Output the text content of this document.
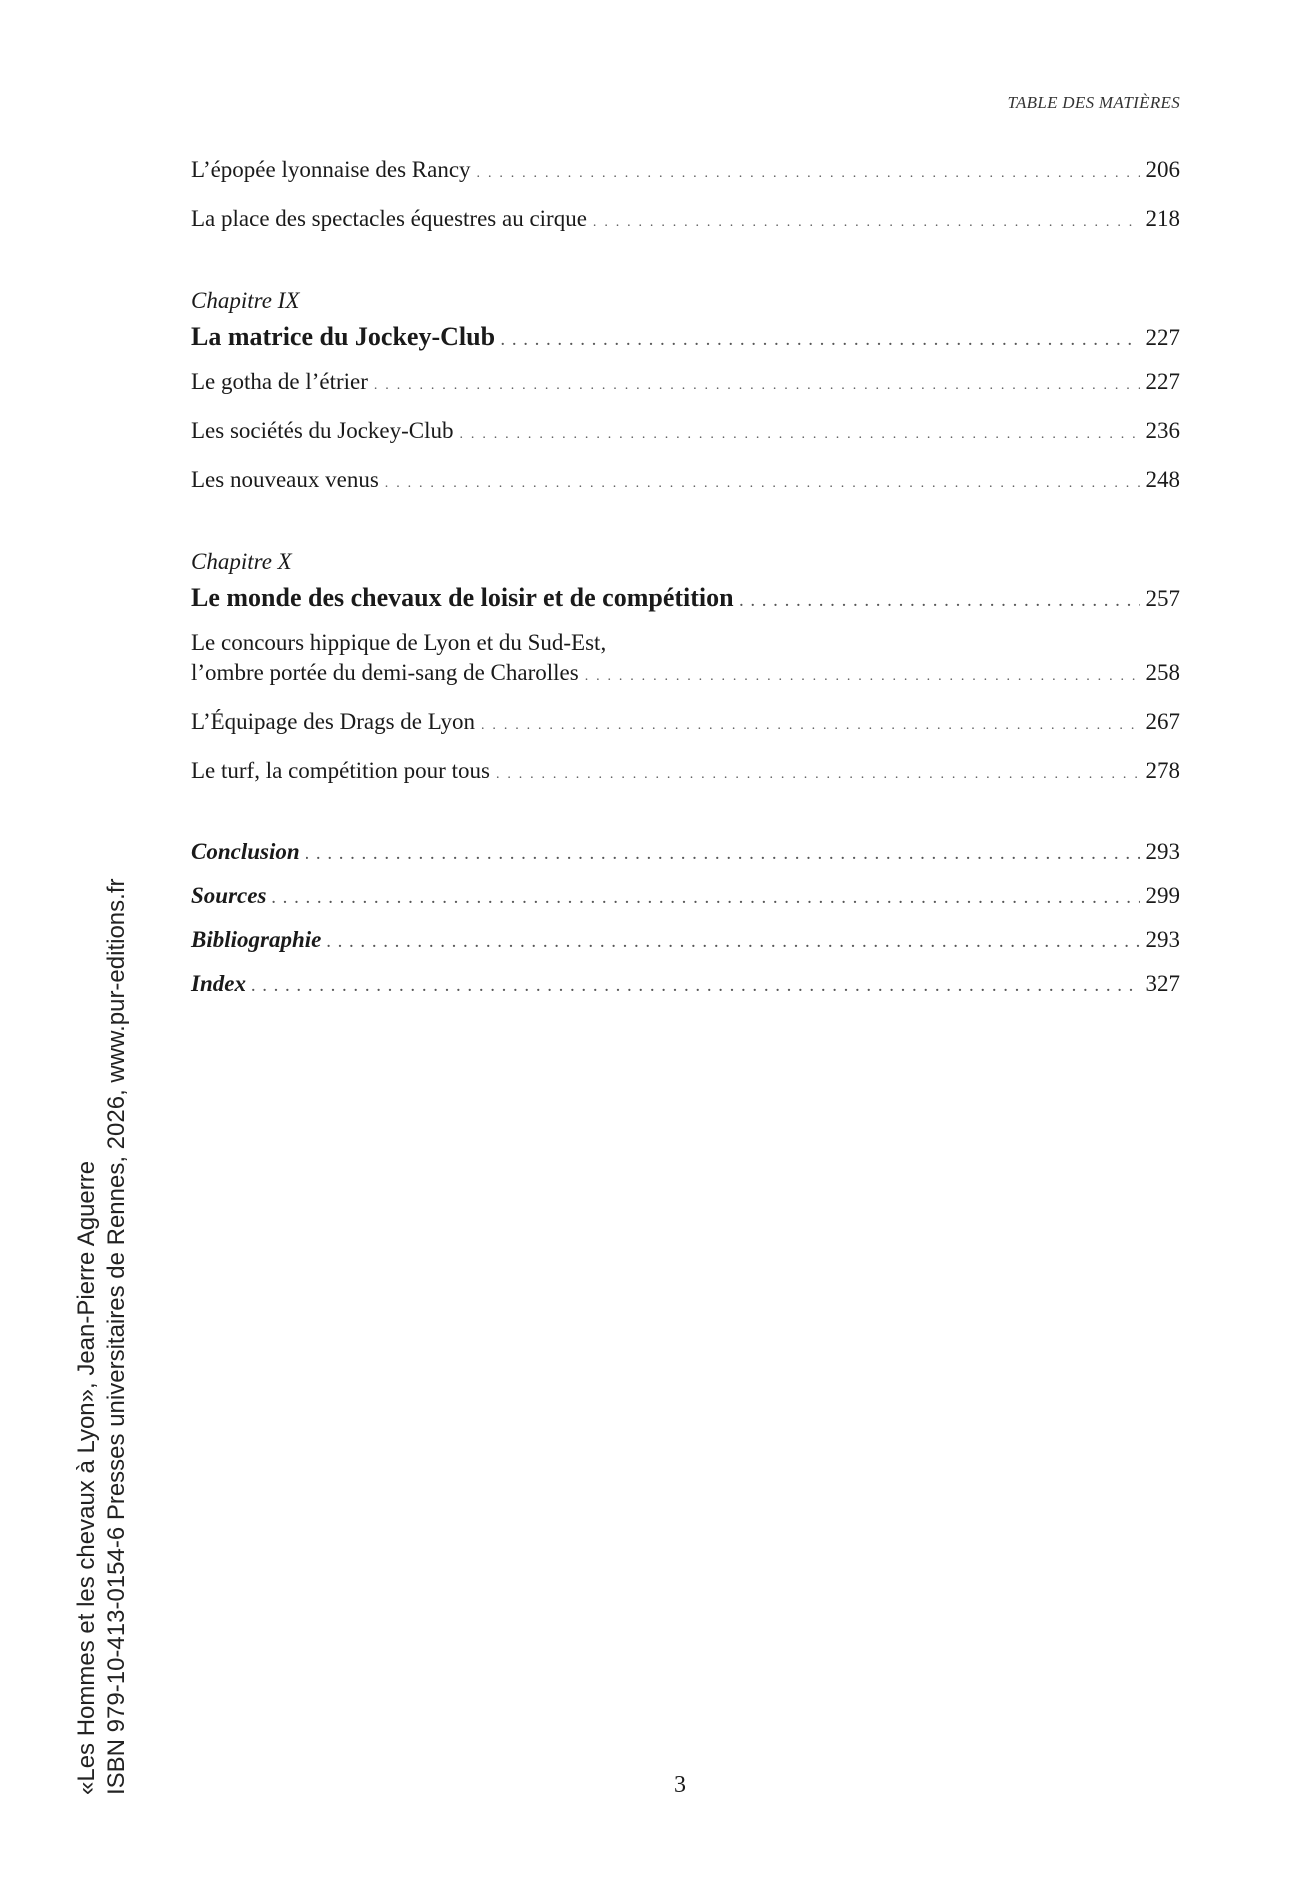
TABLE DES MATIÈRES
L’épopée lyonnaise des Rancy . . .	206
La place des spectacles équestres au cirque . . .	218
Chapitre IX
La matrice du Jockey-Club . . .	227
Le gotha de l’étrier . . .	227
Les sociétés du Jockey-Club . . .	236
Les nouveaux venus . . .	248
Chapitre X
Le monde des chevaux de loisir et de compétition . . .	257
Le concours hippique de Lyon et du Sud-Est,
l’ombre portée du demi-sang de Charolles . . .	258
L’Équipage des Drags de Lyon . . .	267
Le turf, la compétition pour tous . . .	278
Conclusion . . .	293
Sources . . .	299
Bibliographie . . .	293
Index . . .	327
«Les Hommes et les chevaux à Lyon», Jean-Pierre Aguerre ISBN 979-10-413-0154-6 Presses universitaires de Rennes, 2026, www.pur-editions.fr	3
